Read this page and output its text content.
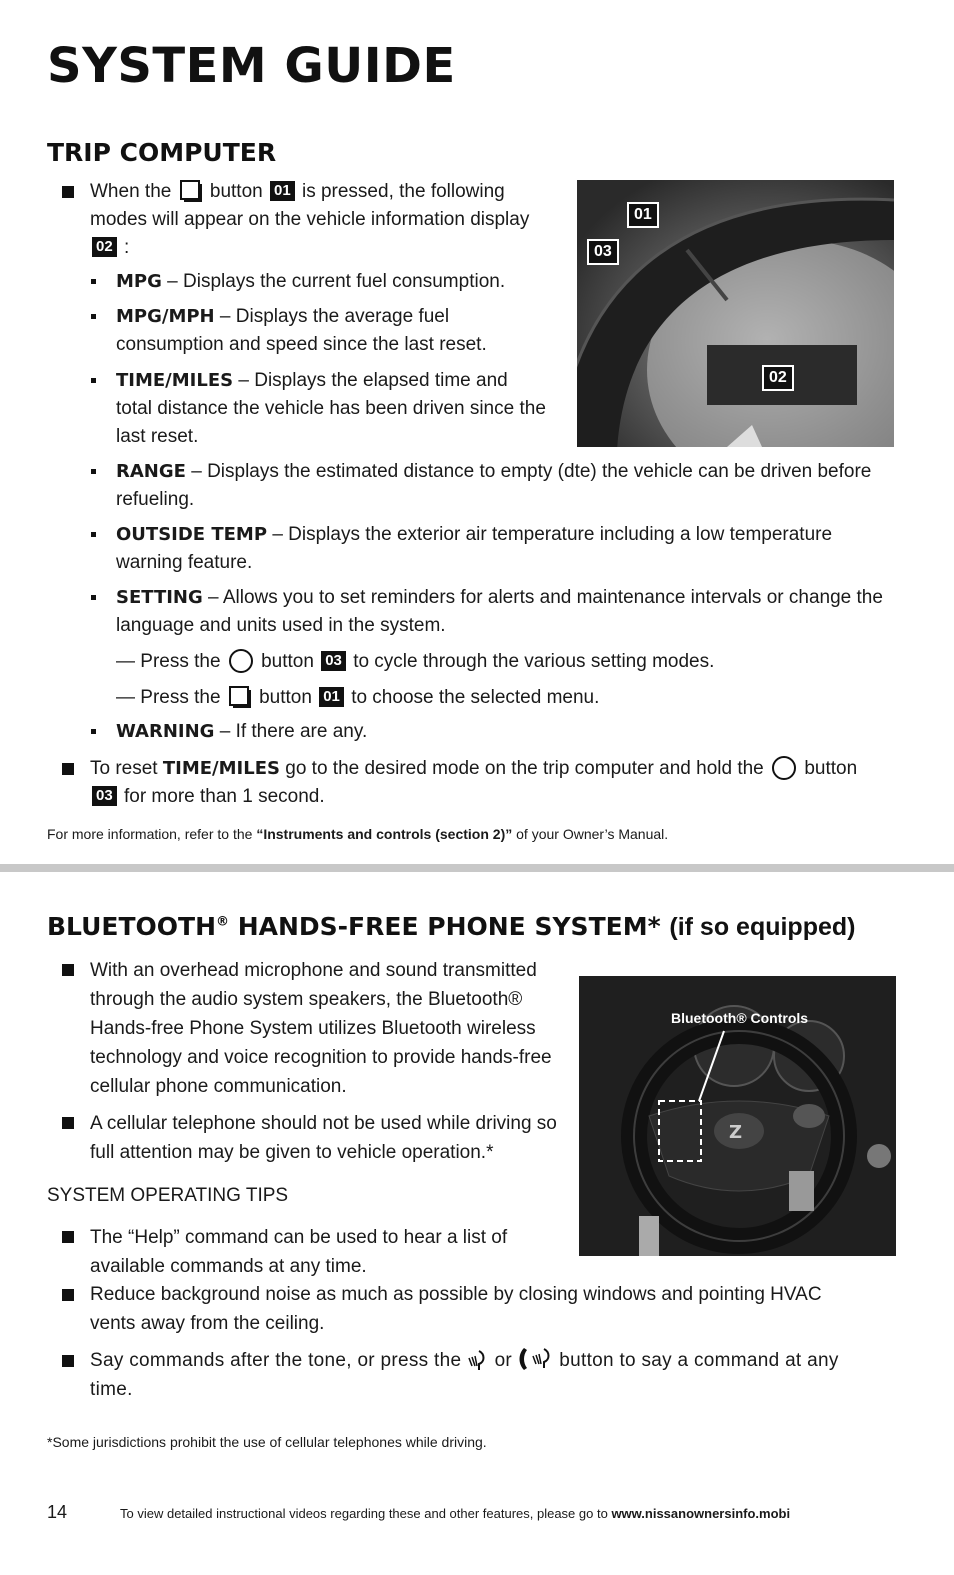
SYSTEM GUIDE
TRIP COMPUTER
When the button 01 is pressed, the following modes will appear on the vehicle information display 02 :
01
03
02
MPG – Displays the current fuel consumption.
MPG/MPH – Displays the average fuel consumption and speed since the last reset.
TIME/MILES – Displays the elapsed time and total distance the vehicle has been driven since the last reset.
RANGE – Displays the estimated distance to empty (dte) the vehicle can be driven before refueling.
OUTSIDE TEMP – Displays the exterior air temperature including a low temperature warning feature.
SETTING – Allows you to set reminders for alerts and maintenance intervals or change the language and units used in the system.
— Press the button 03 to cycle through the various setting modes.
— Press the button 01 to choose the selected menu.
WARNING – If there are any.
To reset TIME/MILES go to the desired mode on the trip computer and hold the button
03 for more than 1 second.
For more information, refer to the “Instruments and controls (section 2)” of your Owner’s Manual.
BLUETOOTH® HANDS-FREE PHONE SYSTEM* (if so equipped)
With an overhead microphone and sound transmitted through the audio system speakers, the Bluetooth® Hands-free Phone System utilizes Bluetooth wireless technology and voice recognition to provide hands-free cellular phone communication.
A cellular telephone should not be used while driving so full attention may be given to vehicle operation.*
Z
Bluetooth® Controls
SYSTEM OPERATING TIPS
The “Help” command can be used to hear a list of available commands at any time.
Reduce background noise as much as possible by closing windows and pointing HVAC vents away from the ceiling.
Say commands after the tone, or press the or button to say a command at any time.
*Some jurisdictions prohibit the use of cellular telephones while driving.
14	To view detailed instructional videos regarding these and other features, please go to www.nissanownersinfo.mobi
